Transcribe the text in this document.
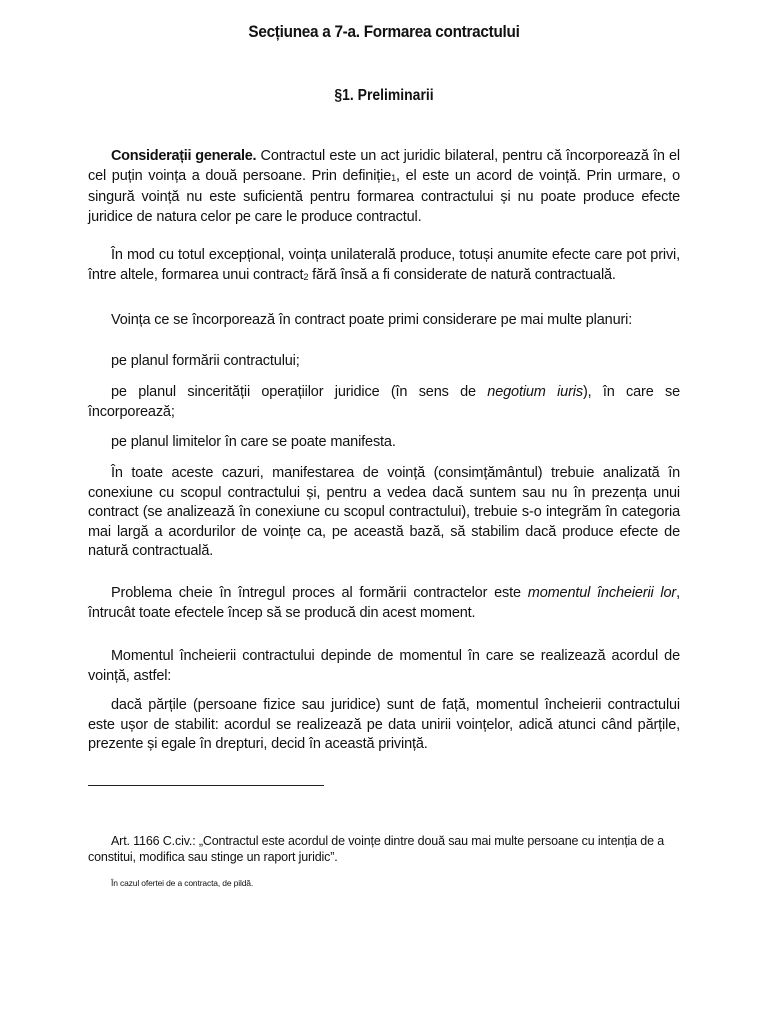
Secțiunea a 7-a. Formarea contractului
§1. Preliminarii
Considerații generale. Contractul este un act juridic bilateral, pentru că încorporează în el cel puțin voința a două persoane. Prin definiție$_1$, el este un acord de voință. Prin urmare, o singură voință nu este suficientă pentru formarea contractului și nu poate produce efecte juridice de natura celor pe care le produce contractul.
În mod cu totul excepțional, voința unilaterală produce, totuși anumite efecte care pot privi, între altele, formarea unui contract$_2$ fără însă a fi considerate de natură contractuală.
Voința ce se încorporează în contract poate primi considerare pe mai multe planuri:
pe planul formării contractului;
pe planul sincerității operațiilor juridice (în sens de negotium iuris), în care se încorporează;
pe planul limitelor în care se poate manifesta.
În toate aceste cazuri, manifestarea de voință (consimțământul) trebuie analizată în conexiune cu scopul contractului și, pentru a vedea dacă suntem sau nu în prezența unui contract (se analizează în conexiune cu scopul contractului), trebuie s-o integrăm în categoria mai largă a acordurilor de voințe ca, pe această bază, să stabilim dacă produce efecte de natură contractuală.
Problema cheie în întregul proces al formării contractelor este momentul încheierii lor, întrucât toate efectele încep să se producă din acest moment.
Momentul încheierii contractului depinde de momentul în care se realizează acordul de voință, astfel:
dacă părțile (persoane fizice sau juridice) sunt de față, momentul încheierii contractului este ușor de stabilit: acordul se realizează pe data unirii voințelor, adică atunci când părțile, prezente și egale în drepturi, decid în această privință.
Art. 1166 C.civ.: „Contractul este acordul de voințe dintre două sau mai multe persoane cu intenția de a constitui, modifica sau stinge un raport juridic”.
În cazul ofertei de a contracta, de pildă.
